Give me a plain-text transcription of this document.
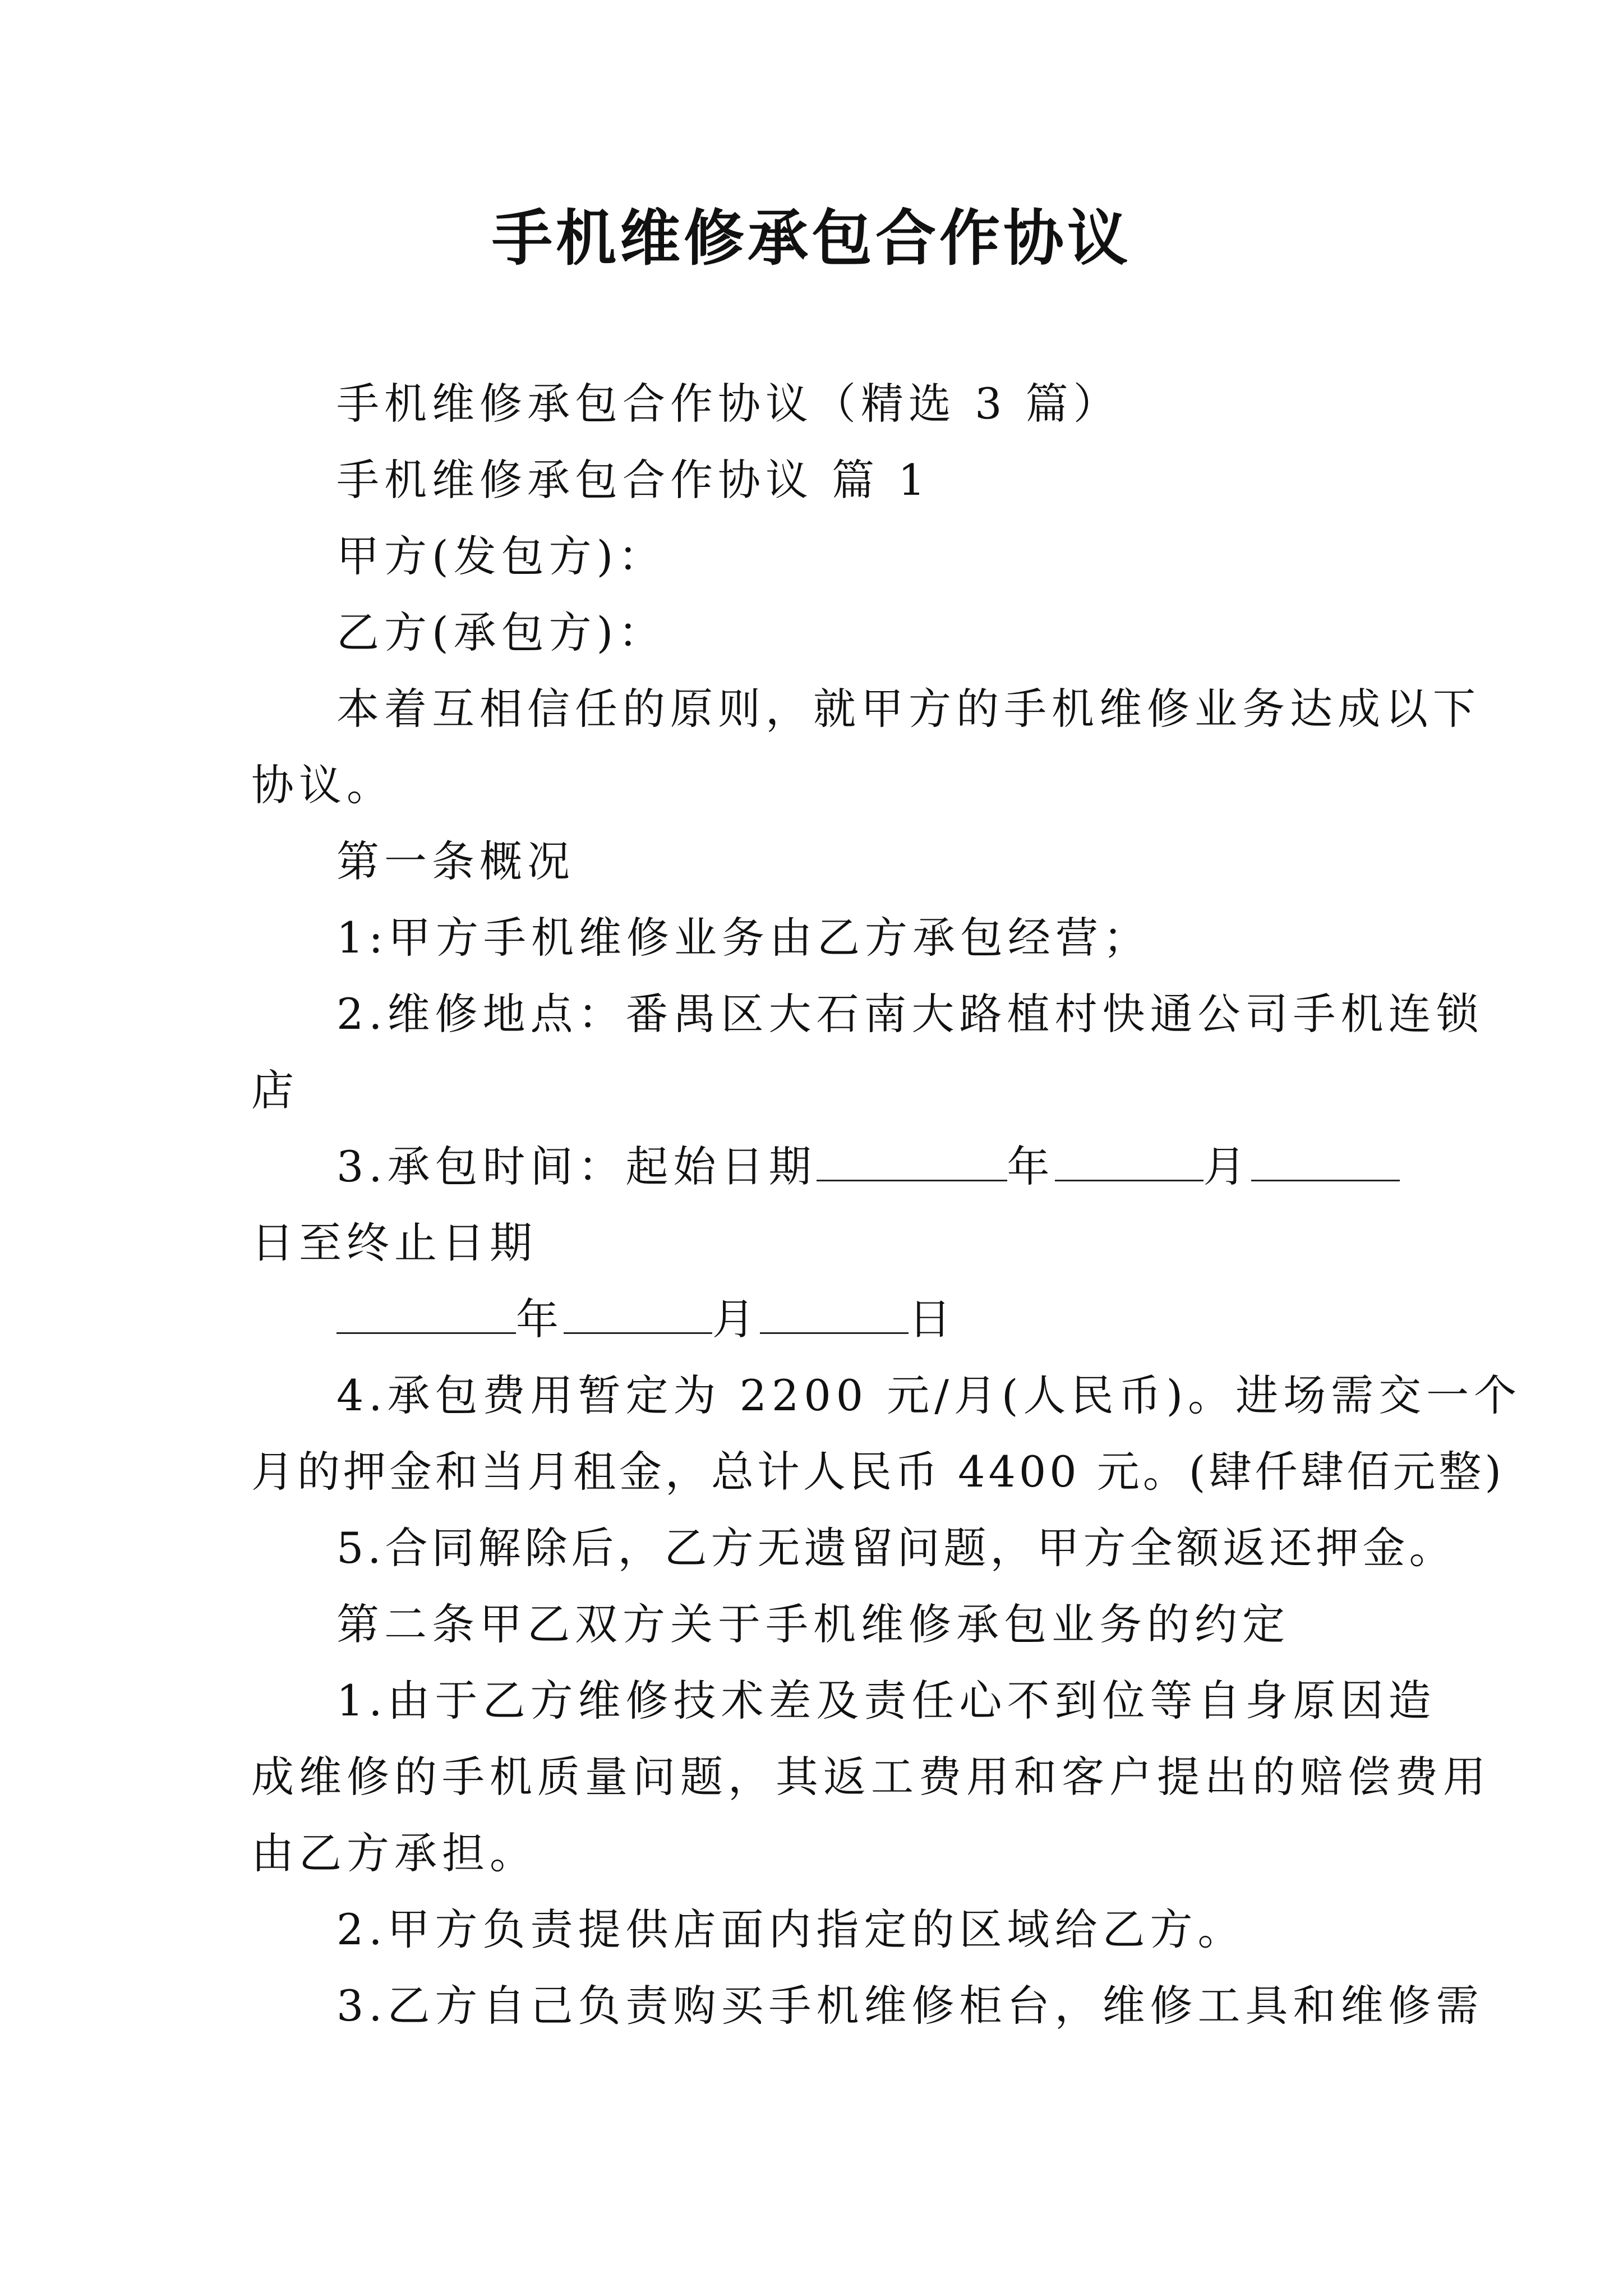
手机维修承包合作协议

手机维修承包合作协议（精选 3 篇）

手机维修承包合作协议 篇 1

甲方(发包方)：

乙方(承包方)：

本着互相信任的原则，就甲方的手机维修业务达成以下

协议。

第一条概况

1:甲方手机维修业务由乙方承包经营；

2.维修地点：番禺区大石南大路植村快通公司手机连锁

店

3.承包时间：起始日期	年	月

日至终止日期

年	月	日

4.承包费用暂定为 2200 元/月(人民币)。进场需交一个

月的押金和当月租金，总计人民币 4400 元。(肆仟肆佰元整)

5.合同解除后，乙方无遗留问题，甲方全额返还押金。

第二条甲乙双方关于手机维修承包业务的约定

1.由于乙方维修技术差及责任心不到位等自身原因造

成维修的手机质量问题，其返工费用和客户提出的赔偿费用

由乙方承担。

2.甲方负责提供店面内指定的区域给乙方。

3.乙方自己负责购买手机维修柜台，维修工具和维修需
